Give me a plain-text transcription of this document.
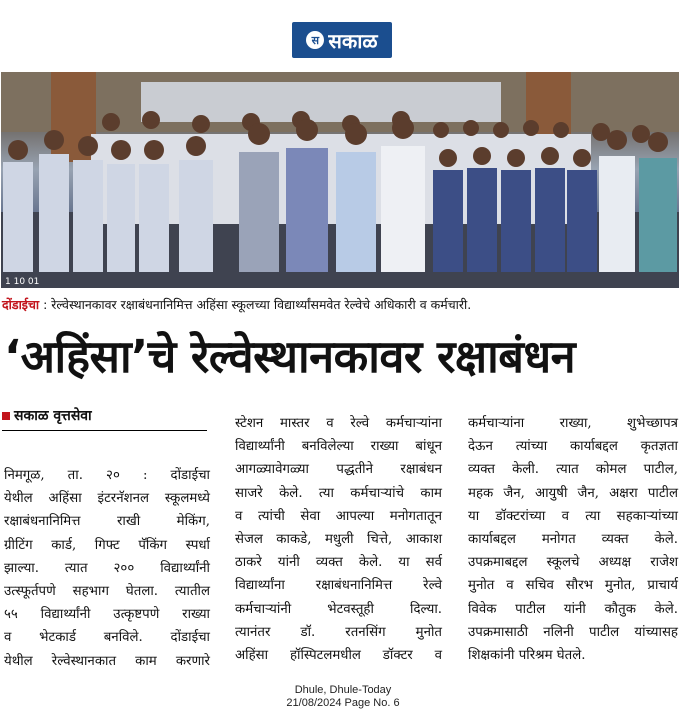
स सकाळ
1 10 01
दोंडाईचा : रेल्वेस्थानकावर रक्षाबंधनानिमित्त अहिंसा स्कूलच्या विद्यार्थ्यांसमवेत रेल्वेचे अधिकारी व कर्मचारी.
‘अहिंसा’चे रेल्वेस्थानकावर रक्षाबंधन
सकाळ वृत्तसेवा
निमगूळ, ता. २० : दोंडाईचा
येथील अहिंसा इंटरनॅशनल स्कूलमध्ये
रक्षाबंधनानिमित्त राखी मेकिंग,
ग्रीटिंग कार्ड, गिफ्ट पॅकिंग स्पर्धा
झाल्या. त्यात २०० विद्यार्थ्यांनी
उत्स्फूर्तपणे सहभाग घेतला. त्यातील
५५ विद्यार्थ्यांनी उत्कृष्टपणे राख्या
व भेटकार्ड बनविले. दोंडाईचा
येथील रेल्वेस्थानकात काम करणारे
स्टेशन मास्तर व रेल्वे कर्मचाऱ्यांना
विद्यार्थ्यांनी बनविलेल्या राख्या बांधून
आगळ्यावेगळ्या पद्धतीने रक्षाबंधन
साजरे केले. त्या कर्मचाऱ्यांचे काम
व त्यांची सेवा आपल्या मनोगतातून
सेजल काकडे, मधुली चित्ते, आकाश
ठाकरे यांनी व्यक्त केले. या सर्व
विद्यार्थ्यांना रक्षाबंधनानिमित्त रेल्वे
कर्मचाऱ्यांनी भेटवस्तूही दिल्या.
त्यानंतर डॉ. रतनसिंग मुनोत
अहिंसा हॉस्पिटलमधील डॉक्टर व
कर्मचाऱ्यांना राख्या, शुभेच्छापत्र
देऊन त्यांच्या कार्याबद्दल कृतज्ञता
व्यक्त केली. त्यात कोमल पाटील,
महक जैन, आयुषी जैन, अक्षरा पाटील
या डॉक्टरांच्या व त्या सहकाऱ्यांच्या
कार्याबद्दल मनोगत व्यक्त केले.
उपक्रमाबद्दल स्कूलचे अध्यक्ष राजेश
मुनोत व सचिव सौरभ मुनोत, प्राचार्य
विवेक पाटील यांनी कौतुक केले.
उपक्रमासाठी नलिनी पाटील यांच्यासह
शिक्षकांनी परिश्रम घेतले.
Dhule, Dhule-Today
21/08/2024 Page No. 6
